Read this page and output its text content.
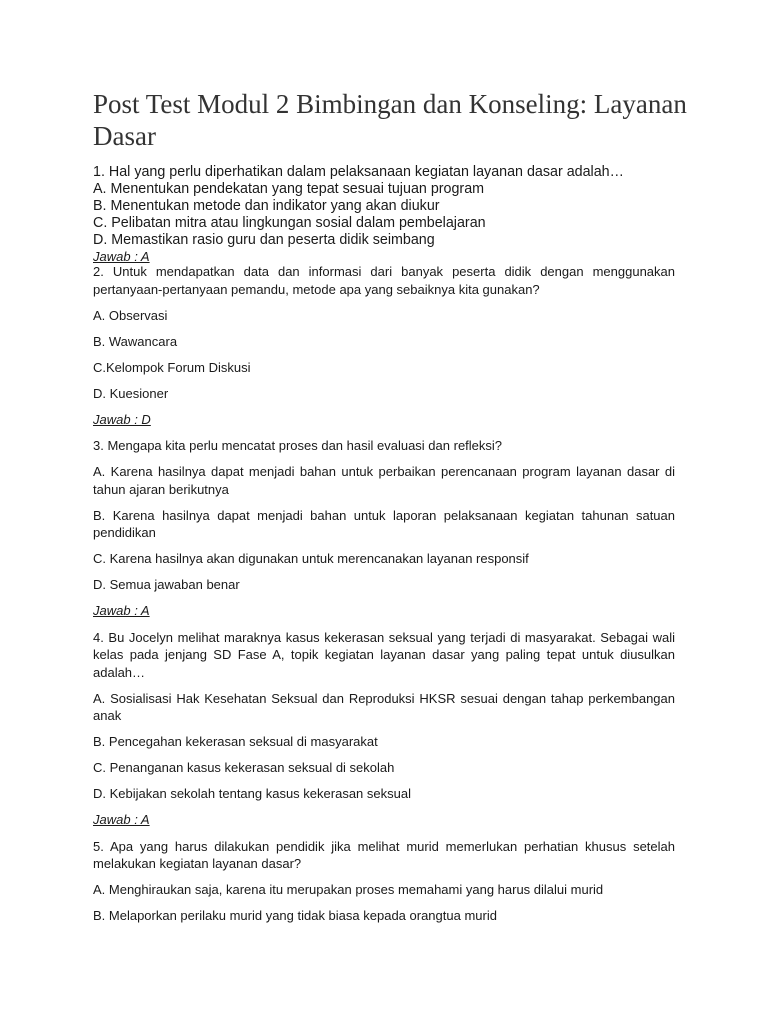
Post Test Modul 2 Bimbingan dan Konseling: Layanan Dasar
1. Hal yang perlu diperhatikan dalam pelaksanaan kegiatan layanan dasar adalah…
A. Menentukan pendekatan yang tepat sesuai tujuan program
B. Menentukan metode dan indikator yang akan diukur
C. Pelibatan mitra atau lingkungan sosial dalam pembelajaran
D. Memastikan rasio guru dan peserta didik seimbang
Jawab : A

2. Untuk mendapatkan data dan informasi dari banyak peserta didik dengan menggunakan pertanyaan-pertanyaan pemandu, metode apa yang sebaiknya kita gunakan?

A. Observasi

B. Wawancara

C.Kelompok Forum Diskusi

D. Kuesioner

Jawab : D

3. Mengapa kita perlu mencatat proses dan hasil evaluasi dan refleksi?

A. Karena hasilnya dapat menjadi bahan untuk perbaikan perencanaan program layanan dasar di tahun ajaran berikutnya

B. Karena hasilnya dapat menjadi bahan untuk laporan pelaksanaan kegiatan tahunan satuan pendidikan

C. Karena hasilnya akan digunakan untuk merencanakan layanan responsif

D. Semua jawaban benar

Jawab : A

4. Bu Jocelyn melihat maraknya kasus kekerasan seksual yang terjadi di masyarakat. Sebagai wali kelas pada jenjang SD Fase A, topik kegiatan layanan dasar yang paling tepat untuk diusulkan adalah…

A. Sosialisasi Hak Kesehatan Seksual dan Reproduksi HKSR sesuai dengan tahap perkembangan anak

B. Pencegahan kekerasan seksual di masyarakat

C. Penanganan kasus kekerasan seksual di sekolah

D. Kebijakan sekolah tentang kasus kekerasan seksual

Jawab : A

5. Apa yang harus dilakukan pendidik jika melihat murid memerlukan perhatian khusus setelah melakukan kegiatan layanan dasar?

A. Menghiraukan saja, karena itu merupakan proses memahami yang harus dilalui murid

B. Melaporkan perilaku murid yang tidak biasa kepada orangtua murid
